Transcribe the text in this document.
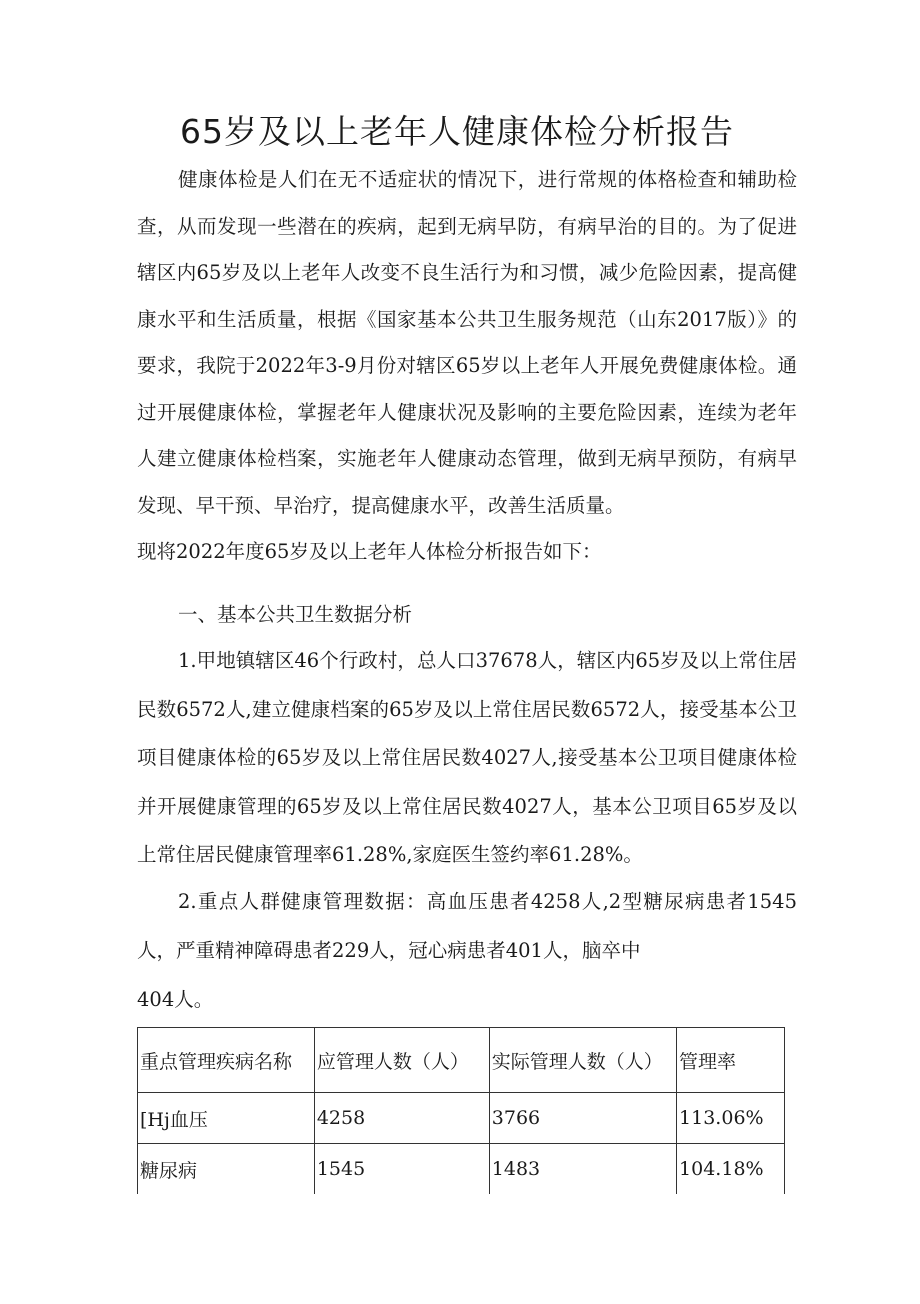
65岁及以上老年人健康体检分析报告

健康体检是人们在无不适症状的情况下，进行常规的体格检查和辅助检查，从而发现一些潜在的疾病，起到无病早防，有病早治的目的。为了促进辖区内65岁及以上老年人改变不良生活行为和习惯，减少危险因素，提高健康水平和生活质量，根据《国家基本公共卫生服务规范（山东2017版）》的要求，我院于2022年3-9月份对辖区65岁以上老年人开展免费健康体检。通过开展健康体检，掌握老年人健康状况及影响的主要危险因素，连续为老年人建立健康体检档案，实施老年人健康动态管理，做到无病早预防，有病早发现、早干预、早治疗，提高健康水平，改善生活质量。

现将2022年度65岁及以上老年人体检分析报告如下：

一、基本公共卫生数据分析

1.甲地镇辖区46个行政村，总人口37678人，辖区内65岁及以上常住居民数6572人,建立健康档案的65岁及以上常住居民数6572人，接受基本公卫项目健康体检的65岁及以上常住居民数4027人,接受基本公卫项目健康体检并开展健康管理的65岁及以上常住居民数4027人，基本公卫项目65岁及以上常住居民健康管理率61.28%,家庭医生签约率61.28%。

2.重点人群健康管理数据：高血压患者4258人,2型糖尿病患者1545人，严重精神障碍患者229人，冠心病患者401人，脑卒中

404人。
重点管理疾病名称	应管理人数（人）	实际管理人数（人）	管理率
[Hj血压	4258	3766	113.06%
糖尿病	1545	1483	104.18%
